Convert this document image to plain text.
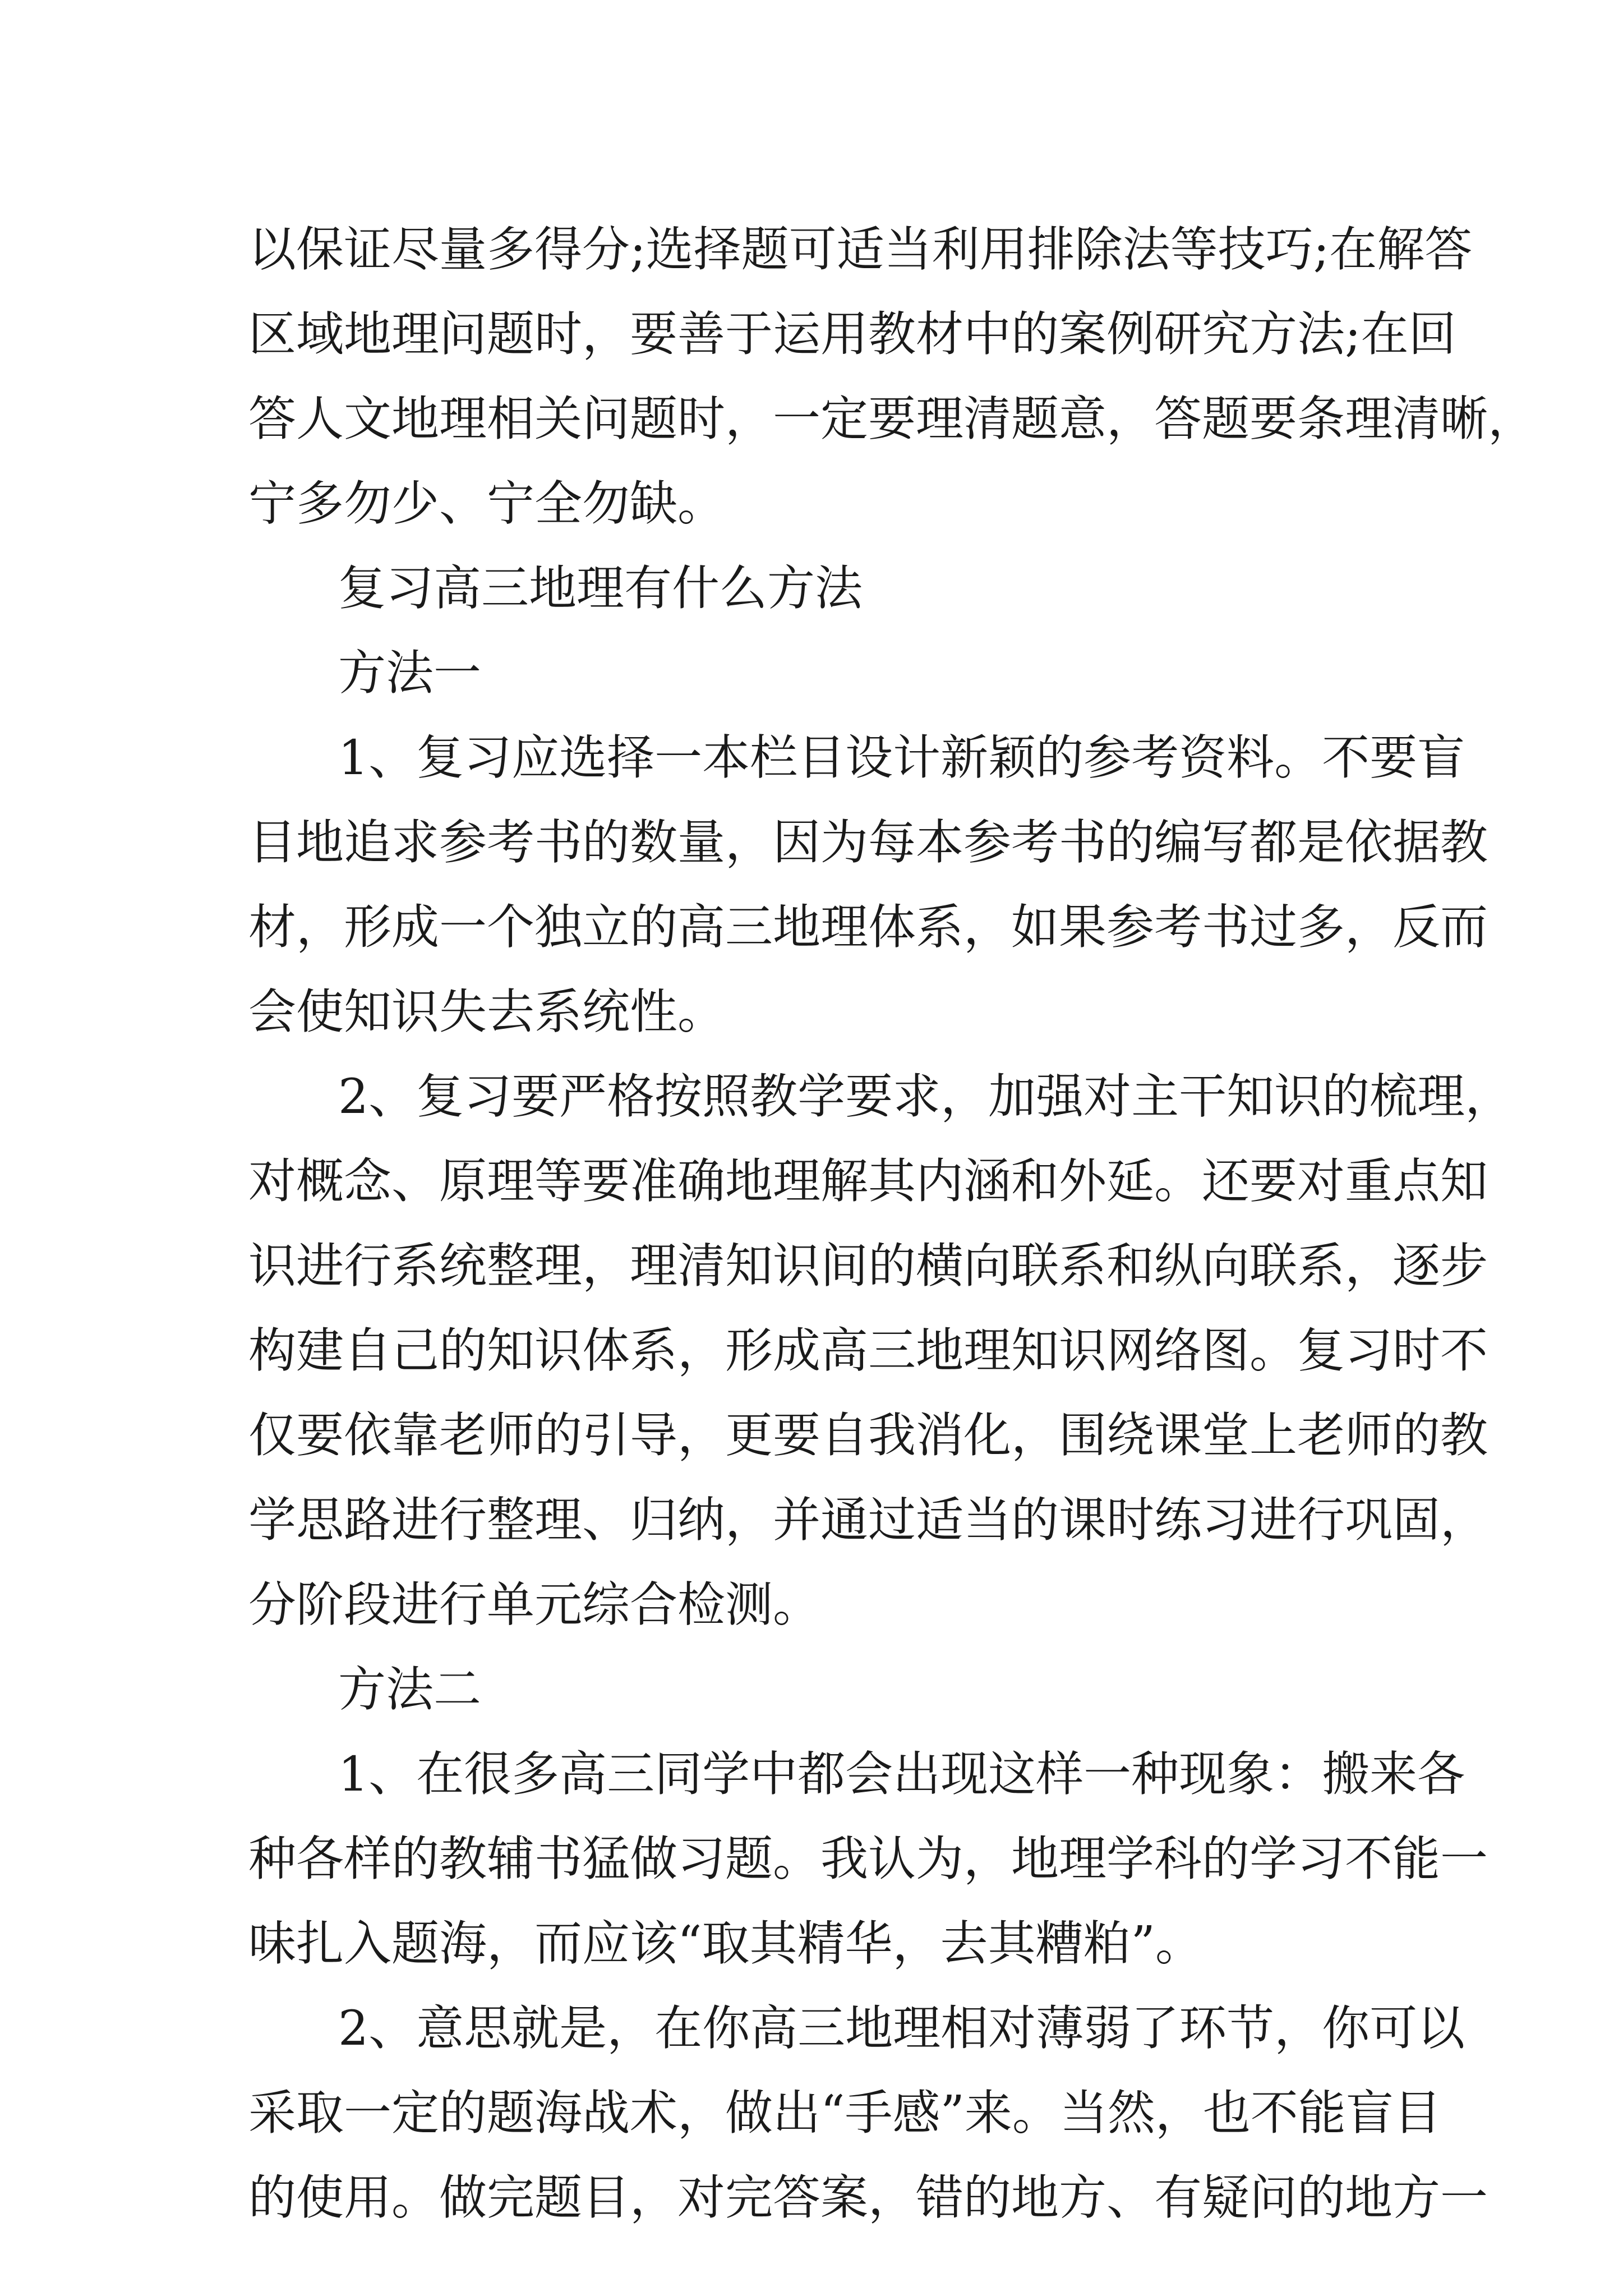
以保证尽量多得分;选择题可适当利用排除法等技巧;在解答
区域地理问题时，要善于运用教材中的案例研究方法;在回
答人文地理相关问题时，一定要理清题意，答题要条理清晰，
宁多勿少、宁全勿缺。
复习高三地理有什么方法
方法一
1、复习应选择一本栏目设计新颖的参考资料。不要盲
目地追求参考书的数量，因为每本参考书的编写都是依据教
材，形成一个独立的高三地理体系，如果参考书过多，反而
会使知识失去系统性。
2、复习要严格按照教学要求，加强对主干知识的梳理，
对概念、原理等要准确地理解其内涵和外延。还要对重点知
识进行系统整理，理清知识间的横向联系和纵向联系，逐步
构建自己的知识体系，形成高三地理知识网络图。复习时不
仅要依靠老师的引导，更要自我消化，围绕课堂上老师的教
学思路进行整理、归纳，并通过适当的课时练习进行巩固，
分阶段进行单元综合检测。
方法二
1、在很多高三同学中都会出现这样一种现象：搬来各
种各样的教辅书猛做习题。我认为，地理学科的学习不能一
味扎入题海，而应该“取其精华，去其糟粕”。
2、意思就是，在你高三地理相对薄弱了环节，你可以
采取一定的题海战术，做出“手感”来。当然，也不能盲目
的使用。做完题目，对完答案，错的地方、有疑问的地方一
